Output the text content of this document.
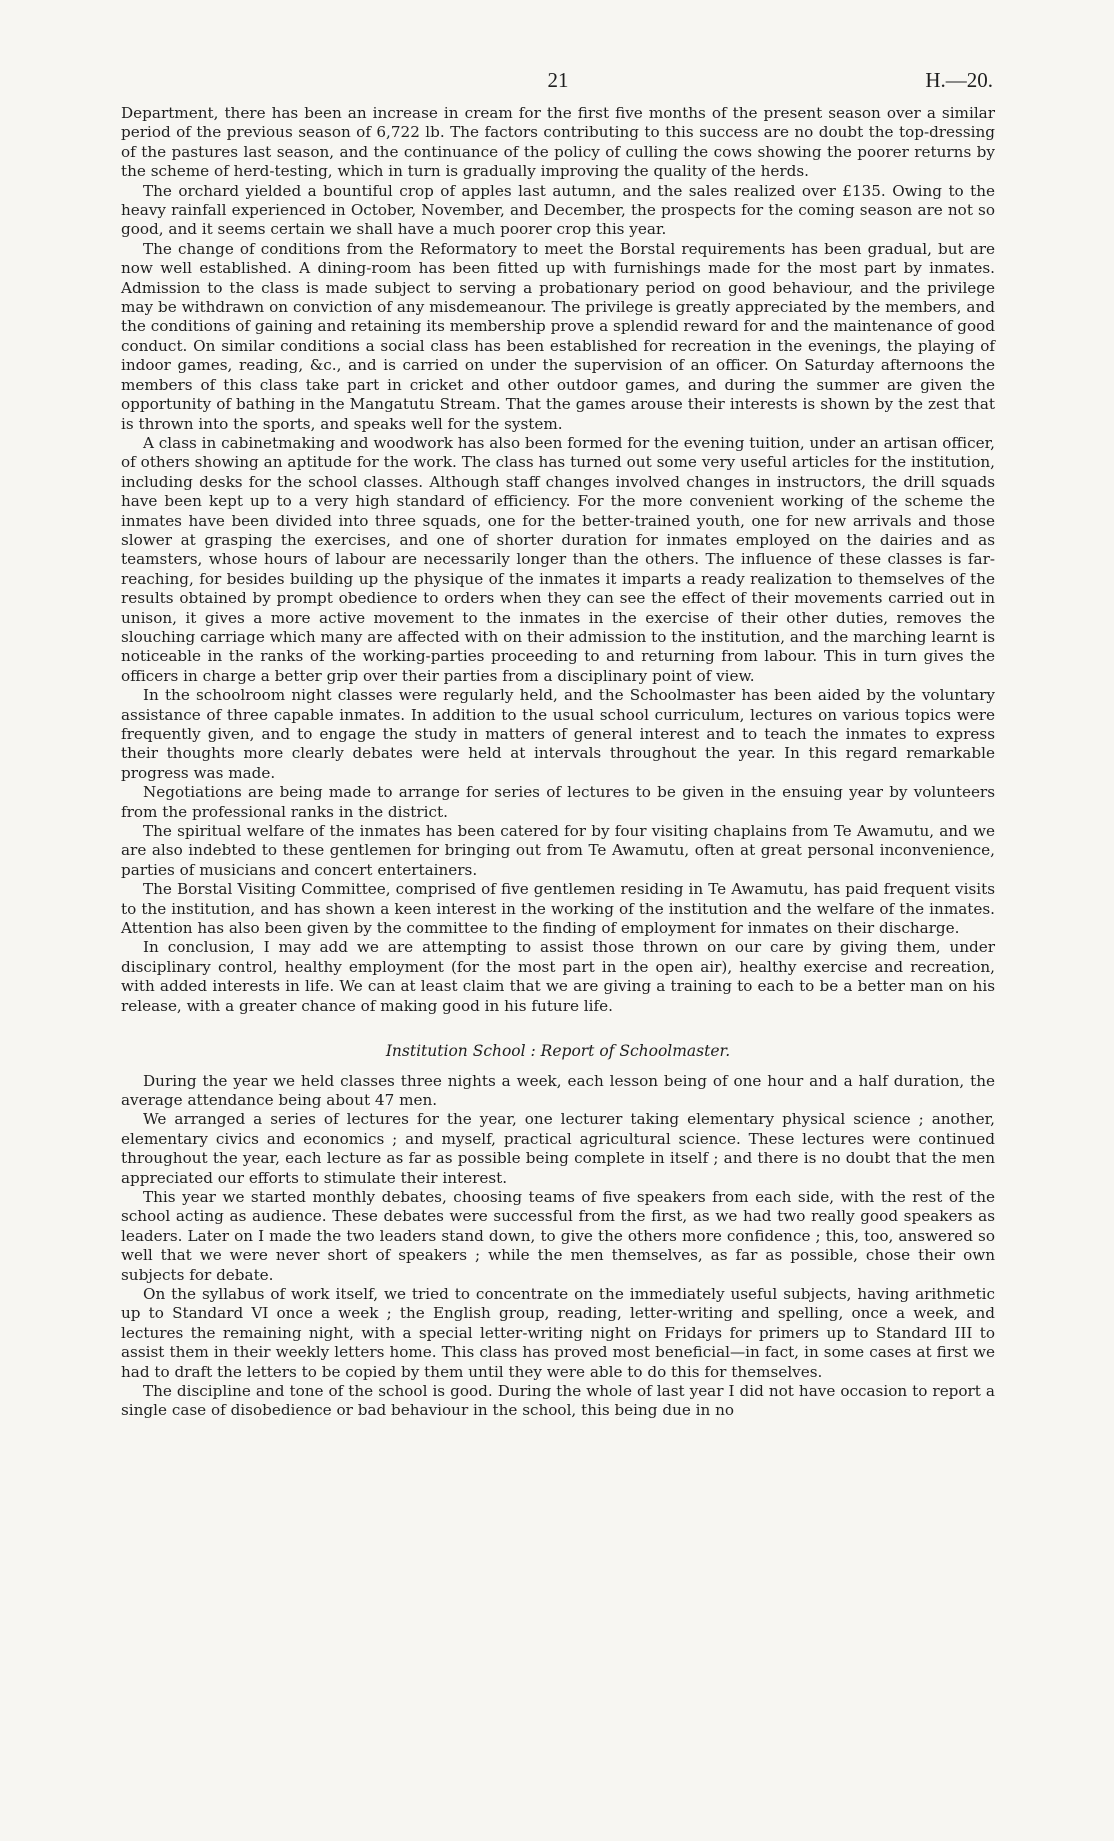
21	H.—20.

Department, there has been an increase in cream for the first five months of the present season over a similar period of the previous season of 6,722 lb. The factors contributing to this success are no doubt the top-dressing of the pastures last season, and the continuance of the policy of culling the cows showing the poorer returns by the scheme of herd-testing, which in turn is gradually improving the quality of the herds.

The orchard yielded a bountiful crop of apples last autumn, and the sales realized over £135. Owing to the heavy rainfall experienced in October, November, and December, the prospects for the coming season are not so good, and it seems certain we shall have a much poorer crop this year.

The change of conditions from the Reformatory to meet the Borstal requirements has been gradual, but are now well established. A dining-room has been fitted up with furnishings made for the most part by inmates. Admission to the class is made subject to serving a probationary period on good behaviour, and the privilege may be withdrawn on conviction of any misdemeanour. The privilege is greatly appreciated by the members, and the conditions of gaining and retaining its membership prove a splendid reward for and the maintenance of good conduct. On similar conditions a social class has been established for recreation in the evenings, the playing of indoor games, reading, &c., and is carried on under the supervision of an officer. On Saturday afternoons the members of this class take part in cricket and other outdoor games, and during the summer are given the opportunity of bathing in the Mangatutu Stream. That the games arouse their interests is shown by the zest that is thrown into the sports, and speaks well for the system.

A class in cabinetmaking and woodwork has also been formed for the evening tuition, under an artisan officer, of others showing an aptitude for the work. The class has turned out some very useful articles for the institution, including desks for the school classes. Although staff changes involved changes in instructors, the drill squads have been kept up to a very high standard of efficiency. For the more convenient working of the scheme the inmates have been divided into three squads, one for the better-trained youth, one for new arrivals and those slower at grasping the exercises, and one of shorter duration for inmates employed on the dairies and as teamsters, whose hours of labour are necessarily longer than the others. The influence of these classes is far-reaching, for besides building up the physique of the inmates it imparts a ready realization to themselves of the results obtained by prompt obedience to orders when they can see the effect of their movements carried out in unison, it gives a more active movement to the inmates in the exercise of their other duties, removes the slouching carriage which many are affected with on their admission to the institution, and the marching learnt is noticeable in the ranks of the working-parties proceeding to and returning from labour. This in turn gives the officers in charge a better grip over their parties from a disciplinary point of view.

In the schoolroom night classes were regularly held, and the Schoolmaster has been aided by the voluntary assistance of three capable inmates. In addition to the usual school curriculum, lectures on various topics were frequently given, and to engage the study in matters of general interest and to teach the inmates to express their thoughts more clearly debates were held at intervals throughout the year. In this regard remarkable progress was made.

Negotiations are being made to arrange for series of lectures to be given in the ensuing year by volunteers from the professional ranks in the district.

The spiritual welfare of the inmates has been catered for by four visiting chaplains from Te Awamutu, and we are also indebted to these gentlemen for bringing out from Te Awamutu, often at great personal inconvenience, parties of musicians and concert entertainers.

The Borstal Visiting Committee, comprised of five gentlemen residing in Te Awamutu, has paid frequent visits to the institution, and has shown a keen interest in the working of the institution and the welfare of the inmates. Attention has also been given by the committee to the finding of employment for inmates on their discharge.

In conclusion, I may add we are attempting to assist those thrown on our care by giving them, under disciplinary control, healthy employment (for the most part in the open air), healthy exercise and recreation, with added interests in life. We can at least claim that we are giving a training to each to be a better man on his release, with a greater chance of making good in his future life.

Institution School : Report of Schoolmaster.

During the year we held classes three nights a week, each lesson being of one hour and a half duration, the average attendance being about 47 men.

We arranged a series of lectures for the year, one lecturer taking elementary physical science ; another, elementary civics and economics ; and myself, practical agricultural science. These lectures were continued throughout the year, each lecture as far as possible being complete in itself ; and there is no doubt that the men appreciated our efforts to stimulate their interest.

This year we started monthly debates, choosing teams of five speakers from each side, with the rest of the school acting as audience. These debates were successful from the first, as we had two really good speakers as leaders. Later on I made the two leaders stand down, to give the others more confidence ; this, too, answered so well that we were never short of speakers ; while the men themselves, as far as possible, chose their own subjects for debate.

On the syllabus of work itself, we tried to concentrate on the immediately useful subjects, having arithmetic up to Standard VI once a week ; the English group, reading, letter-writing and spelling, once a week, and lectures the remaining night, with a special letter-writing night on Fridays for primers up to Standard III to assist them in their weekly letters home. This class has proved most beneficial—in fact, in some cases at first we had to draft the letters to be copied by them until they were able to do this for themselves.

The discipline and tone of the school is good. During the whole of last year I did not have occasion to report a single case of disobedience or bad behaviour in the school, this being due in no
